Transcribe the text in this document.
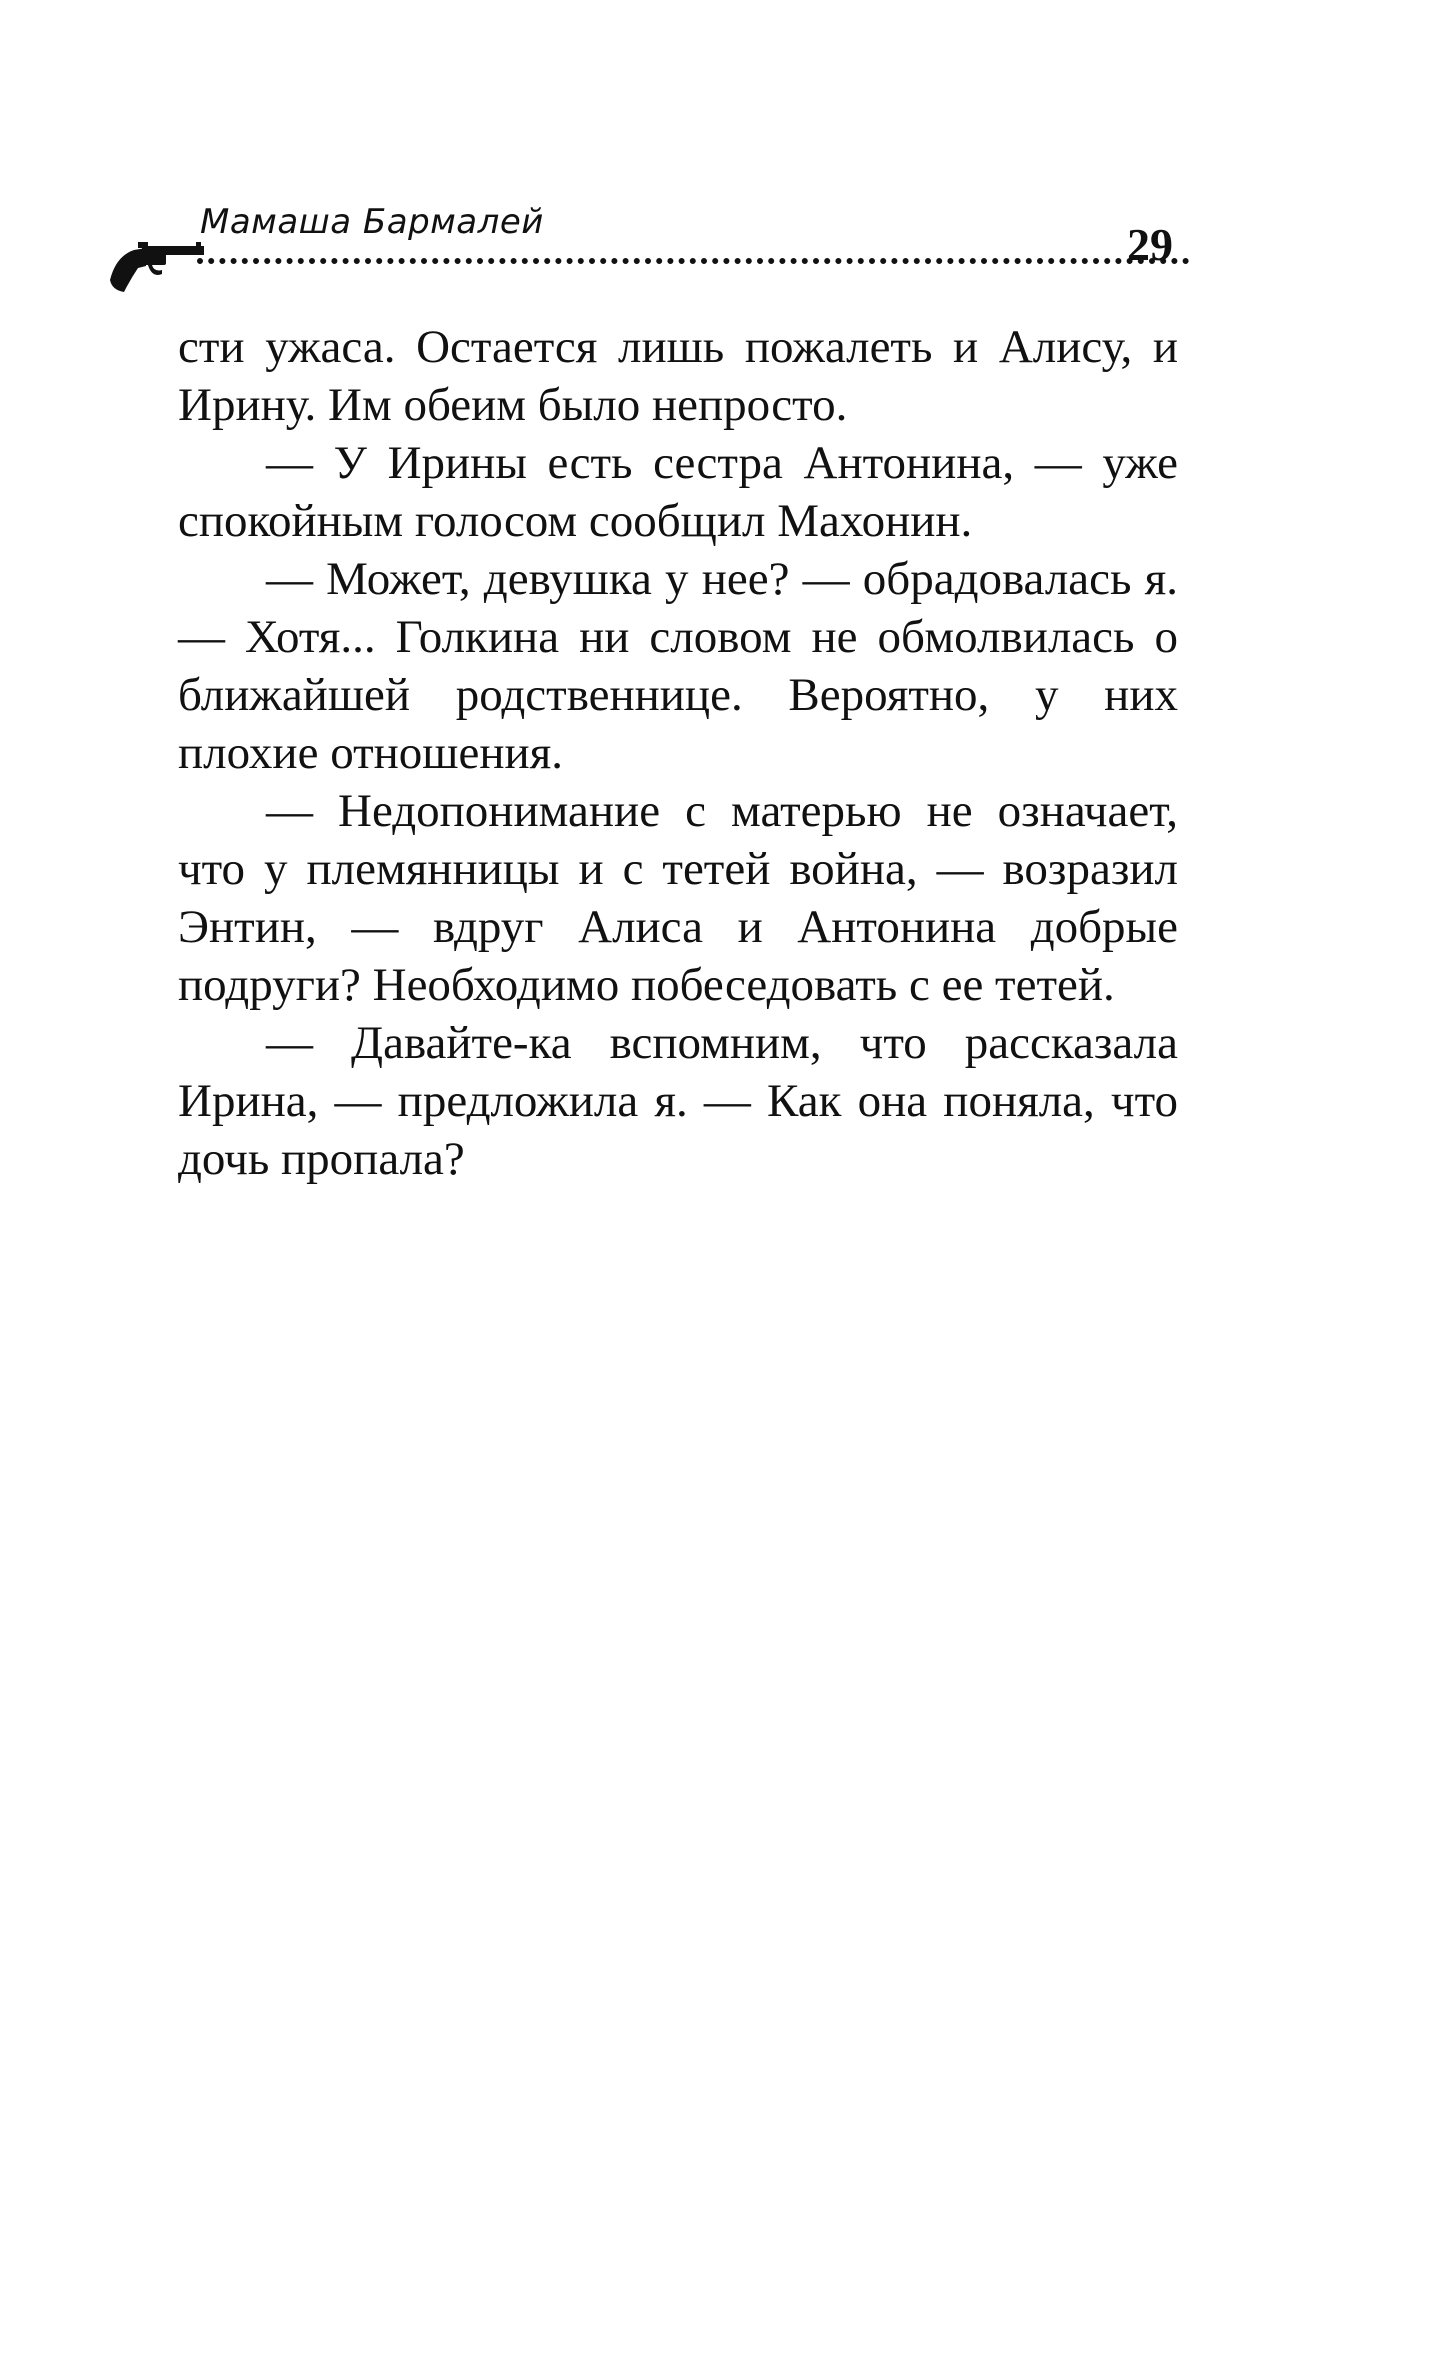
Мамаша Бармалей	29

сти ужаса. Остается лишь пожалеть и Алису, и Ирину. Им обеим было непросто.

— У Ирины есть сестра Антонина, — уже спокойным голосом сообщил Махонин.

— Может, девушка у нее? — обрадовалась я. — Хотя... Голкина ни словом не обмолвилась о ближайшей родственнице. Вероятно, у них плохие отношения.

— Недопонимание с матерью не означает, что у племянницы и с тетей война, — возразил Энтин, — вдруг Алиса и Антонина добрые подруги? Необходимо побеседовать с ее тетей.

— Давайте-ка вспомним, что рассказала Ирина, — предложила я. — Как она поняла, что дочь пропала?
